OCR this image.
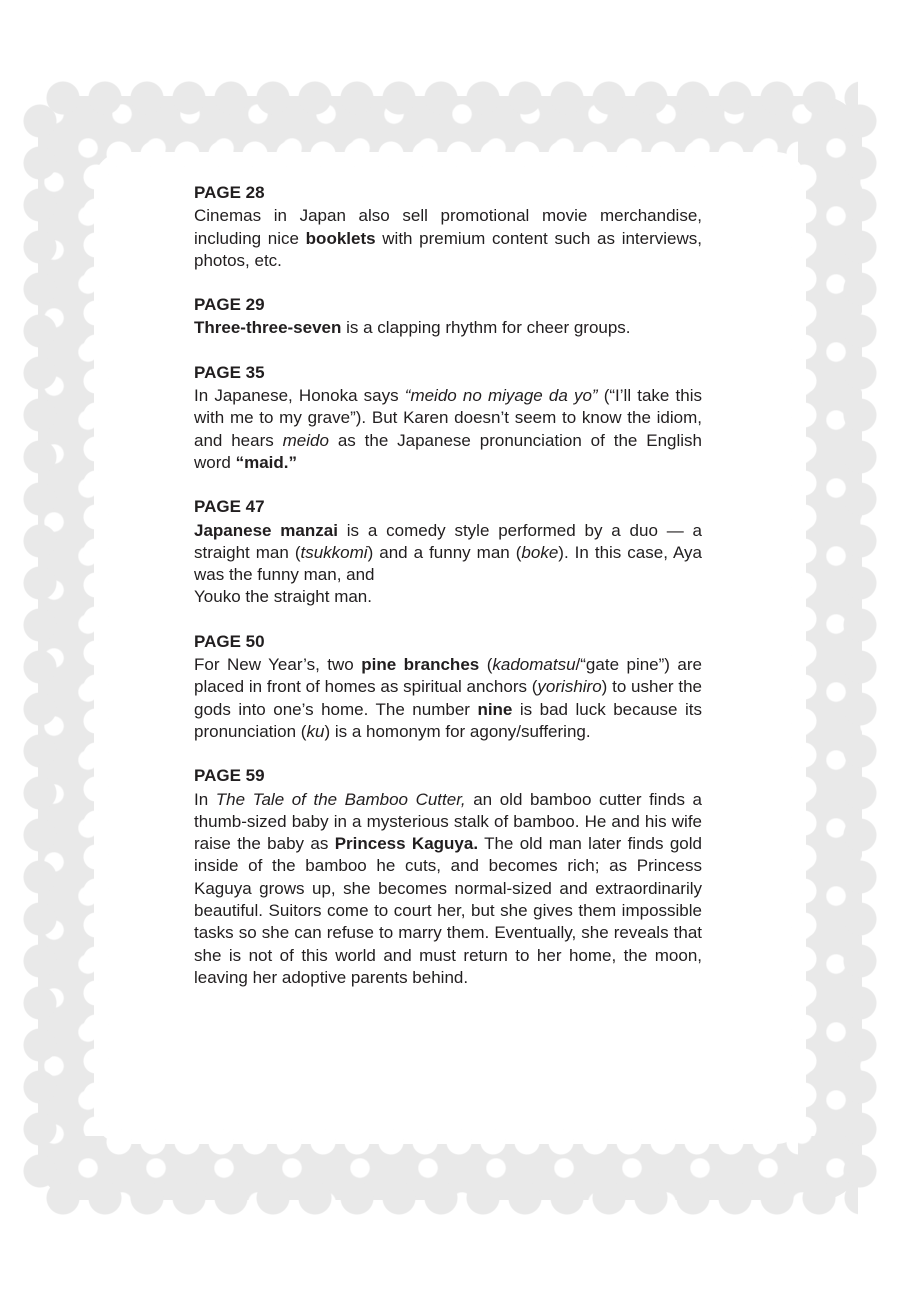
PAGE 28

Cinemas in Japan also sell promotional movie merchandise, including nice booklets with premium content such as interviews, photos, etc.

PAGE 29

Three-three-seven is a clapping rhythm for cheer groups.

PAGE 35

In Japanese, Honoka says “meido no miyage da yo” (“I’ll take this with me to my grave”). But Karen doesn’t seem to know the idiom, and hears meido as the Japanese pronunciation of the English word “maid.”

PAGE 47

Japanese manzai is a comedy style performed by a duo — a straight man (tsukkomi) and a funny man (boke). In this case, Aya was the funny man, and
Youko the straight man.

PAGE 50

For New Year’s, two pine branches (kadomatsu/“gate pine”) are placed in front of homes as spiritual anchors (yorishiro) to usher the gods into one’s home. The number nine is bad luck because its pronunciation (ku) is a homonym for agony/suffering.

PAGE 59

In The Tale of the Bamboo Cutter, an old bamboo cutter finds a thumb-sized baby in a mysterious stalk of bamboo. He and his wife raise the baby as Princess Kaguya. The old man later finds gold inside of the bamboo he cuts, and becomes rich; as Princess Kaguya grows up, she becomes normal-sized and extraordinarily beautiful. Suitors come to court her, but she gives them impossible tasks so she can refuse to marry them. Eventually, she reveals that she is not of this world and must return to her home, the moon, leaving her adoptive parents behind.
